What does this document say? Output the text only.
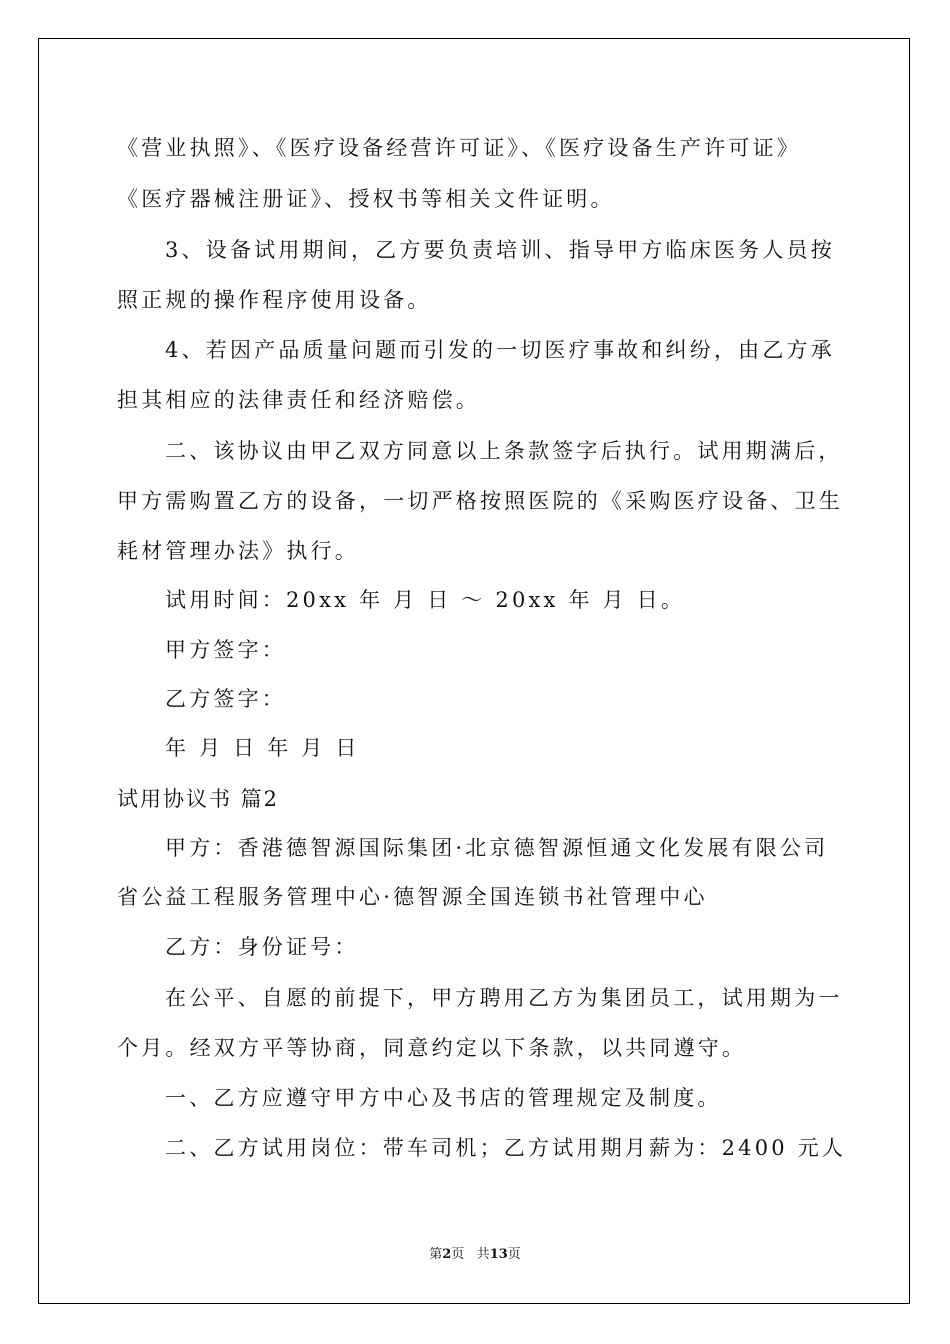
《营业执照》、《医疗设备经营许可证》、《医疗设备生产许可证》
《医疗器械注册证》、授权书等相关文件证明。
3、设备试用期间，乙方要负责培训、指导甲方临床医务人员按
照正规的操作程序使用设备。
4、若因产品质量问题而引发的一切医疗事故和纠纷，由乙方承
担其相应的法律责任和经济赔偿。
二、该协议由甲乙双方同意以上条款签字后执行。试用期满后，
甲方需购置乙方的设备，一切严格按照医院的《采购医疗设备、卫生
耗材管理办法》执行。
试用时间：20xx 年 月 日 ～ 20xx 年 月 日。
甲方签字：
乙方签字：
年 月 日 年 月 日
试用协议书 篇2
甲方：香港德智源国际集团·北京德智源恒通文化发展有限公司
省公益工程服务管理中心·德智源全国连锁书社管理中心
乙方：身份证号：
在公平、自愿的前提下，甲方聘用乙方为集团员工，试用期为一
个月。经双方平等协商，同意约定以下条款，以共同遵守。
一、乙方应遵守甲方中心及书店的管理规定及制度。
二、乙方试用岗位：带车司机；乙方试用期月薪为：2400 元人
第2页 共13页
